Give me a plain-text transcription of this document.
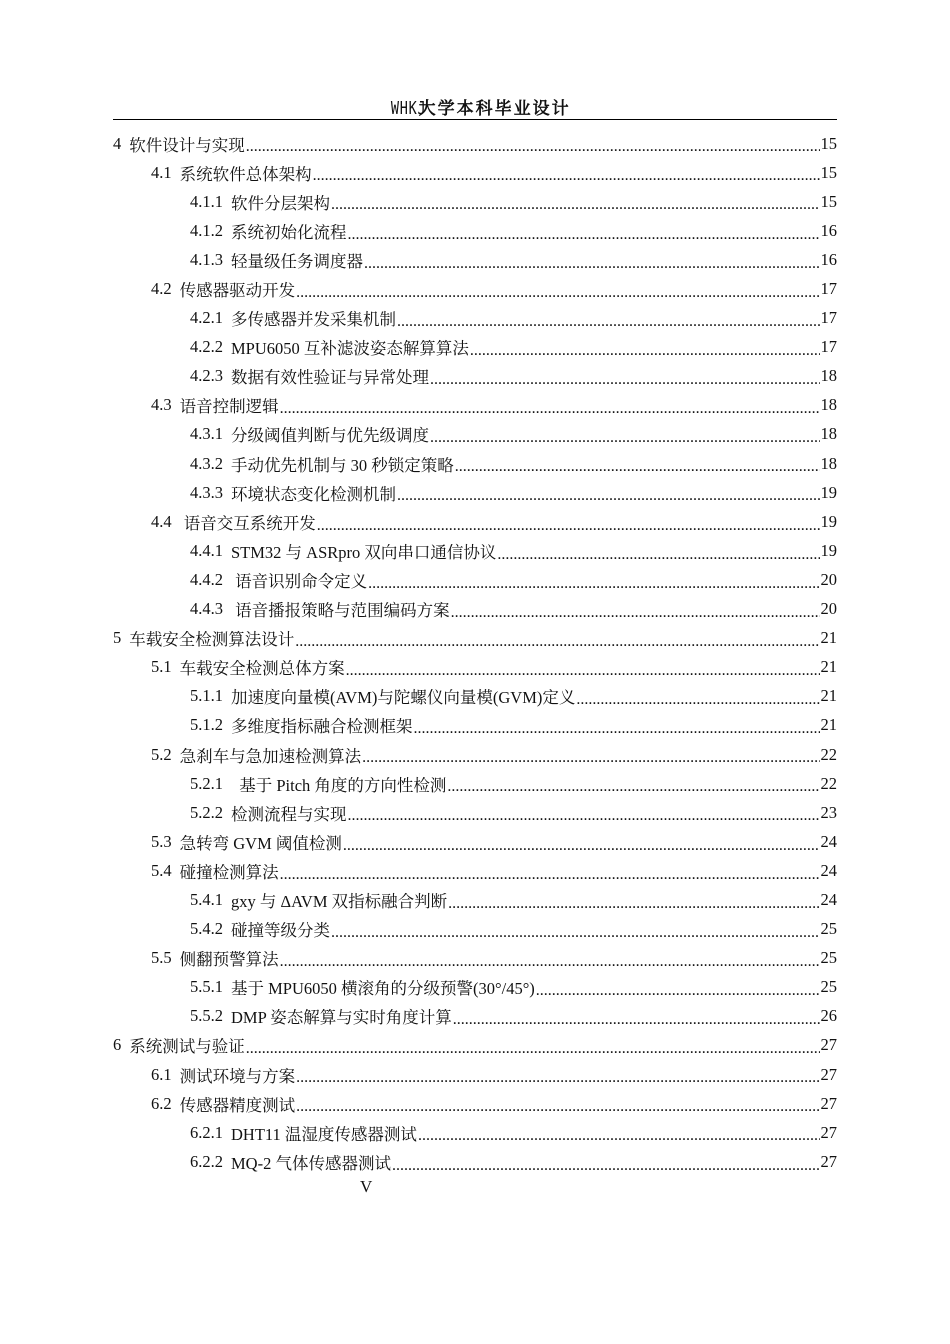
WHKJ大学本科毕业设计
4 软件设计与实现 .....	15
4.1 系统软件总体架构 .....	15
4.1.1 软件分层架构 .....	15
4.1.2 系统初始化流程 .....	16
4.1.3 轻量级任务调度器 .....	16
4.2 传感器驱动开发 .....	17
4.2.1 多传感器并发采集机制 .....	17
4.2.2 MPU6050 互补滤波姿态解算算法 .....	17
4.2.3 数据有效性验证与异常处理 .....	18
4.3 语音控制逻辑 .....	18
4.3.1 分级阈值判断与优先级调度 .....	18
4.3.2 手动优先机制与 30 秒锁定策略 .....	18
4.3.3 环境状态变化检测机制 .....	19
4.4 语音交互系统开发 .....	19
4.4.1 STM32 与 ASRpro 双向串口通信协议 .....	19
4.4.2 语音识别命令定义 .....	20
4.4.3 语音播报策略与范围编码方案 .....	20
5 车载安全检测算法设计 .....	21
5.1 车载安全检测总体方案 .....	21
5.1.1 加速度向量模(AVM)与陀螺仪向量模(GVM)定义 .....	21
5.1.2 多维度指标融合检测框架 .....	21
5.2 急刹车与急加速检测算法 .....	22
5.2.1 基于 Pitch 角度的方向性检测 .....	22
5.2.2 检测流程与实现 .....	23
5.3 急转弯 GVM 阈值检测 .....	24
5.4 碰撞检测算法 .....	24
5.4.1 gxy 与 ΔAVM 双指标融合判断 .....	24
5.4.2 碰撞等级分类 .....	25
5.5 侧翻预警算法 .....	25
5.5.1 基于 MPU6050 横滚角的分级预警(30°/45°) .....	25
5.5.2 DMP 姿态解算与实时角度计算 .....	26
6 系统测试与验证 .....	27
6.1 测试环境与方案 .....	27
6.2 传感器精度测试 .....	27
6.2.1 DHT11 温湿度传感器测试 .....	27
6.2.2 MQ-2 气体传感器测试 .....	27
V
